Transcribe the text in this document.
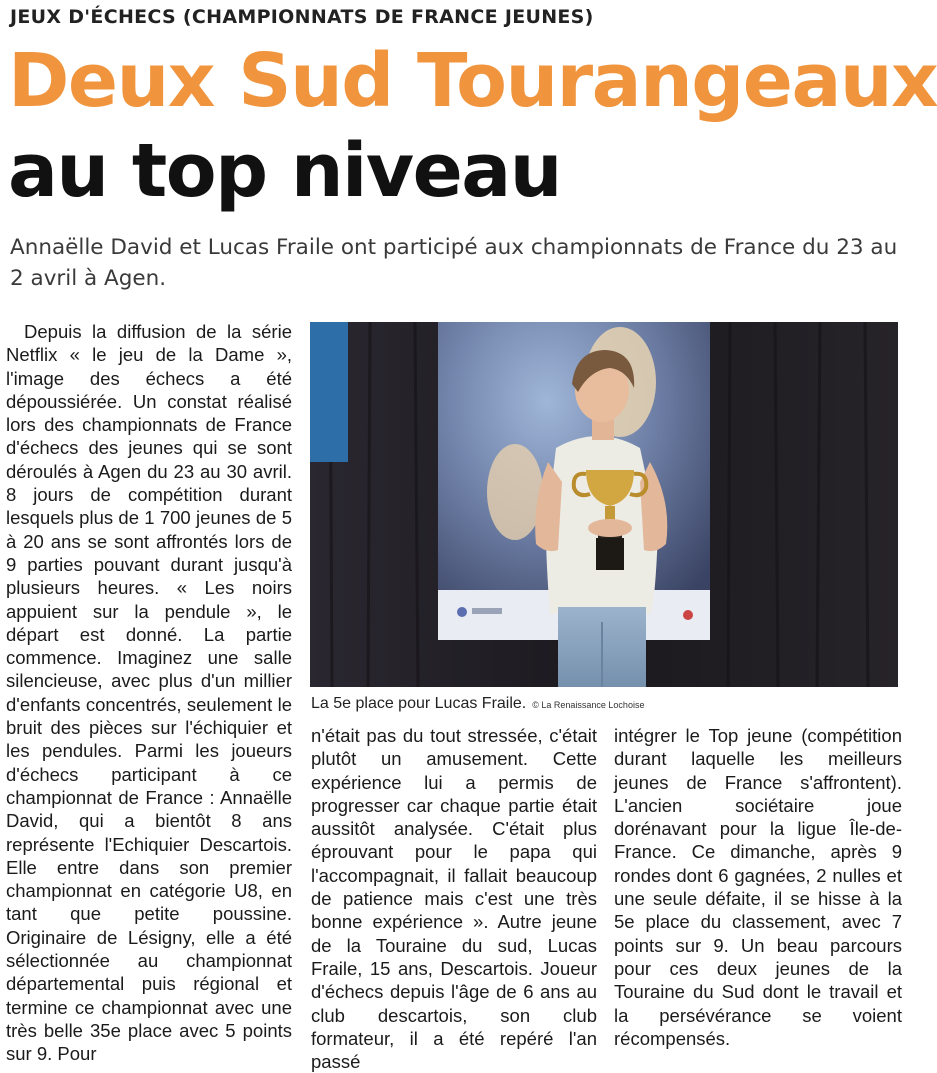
JEUX D'ÉCHECS (CHAMPIONNATS DE FRANCE JEUNES)
Deux Sud Tourangeaux
au top niveau
Annaëlle David et Lucas Fraile ont participé aux championnats de France du 23 au 2 avril à Agen.
Depuis la diffusion de la série Netflix « le jeu de la Dame », l'image des échecs a été dépoussiérée. Un constat réalisé lors des championnats de France d'échecs des jeunes qui se sont déroulés à Agen du 23 au 30 avril. 8 jours de compétition durant lesquels plus de 1 700 jeunes de 5 à 20 ans se sont affrontés lors de 9 parties pouvant durant jusqu'à plusieurs heures. « Les noirs appuient sur la pendule », le départ est donné. La partie commence. Imaginez une salle silencieuse, avec plus d'un millier d'enfants concentrés, seulement le bruit des pièces sur l'échiquier et les pendules. Parmi les joueurs d'échecs participant à ce championnat de France : Annaëlle David, qui a bientôt 8 ans représente l'Echiquier Descartois. Elle entre dans son premier championnat en catégorie U8, en tant que petite poussine. Originaire de Lésigny, elle a été sélectionnée au championnat départemental puis régional et termine ce championnat avec une très belle 35e place avec 5 points sur 9. Pour
La 5e place pour Lucas Fraile. © La Renaissance Lochoise
n'était pas du tout stressée, c'était plutôt un amusement. Cette expérience lui a permis de progresser car chaque partie était aussitôt analysée. C'était plus éprouvant pour le papa qui l'accompagnait, il fallait beaucoup de patience mais c'est une très bonne expérience ». Autre jeune de la Touraine du sud, Lucas Fraile, 15 ans, Descartois. Joueur d'échecs depuis l'âge de 6 ans au club descartois, son club formateur, il a été repéré l'an passé
intégrer le Top jeune (compétition durant laquelle les meilleurs jeunes de France s'affrontent). L'ancien sociétaire joue dorénavant pour la ligue Île-de-France. Ce dimanche, après 9 rondes dont 6 gagnées, 2 nulles et une seule défaite, il se hisse à la 5e place du classement, avec 7 points sur 9. Un beau parcours pour ces deux jeunes de la Touraine du Sud dont le travail et la persévérance se voient récompensés.
